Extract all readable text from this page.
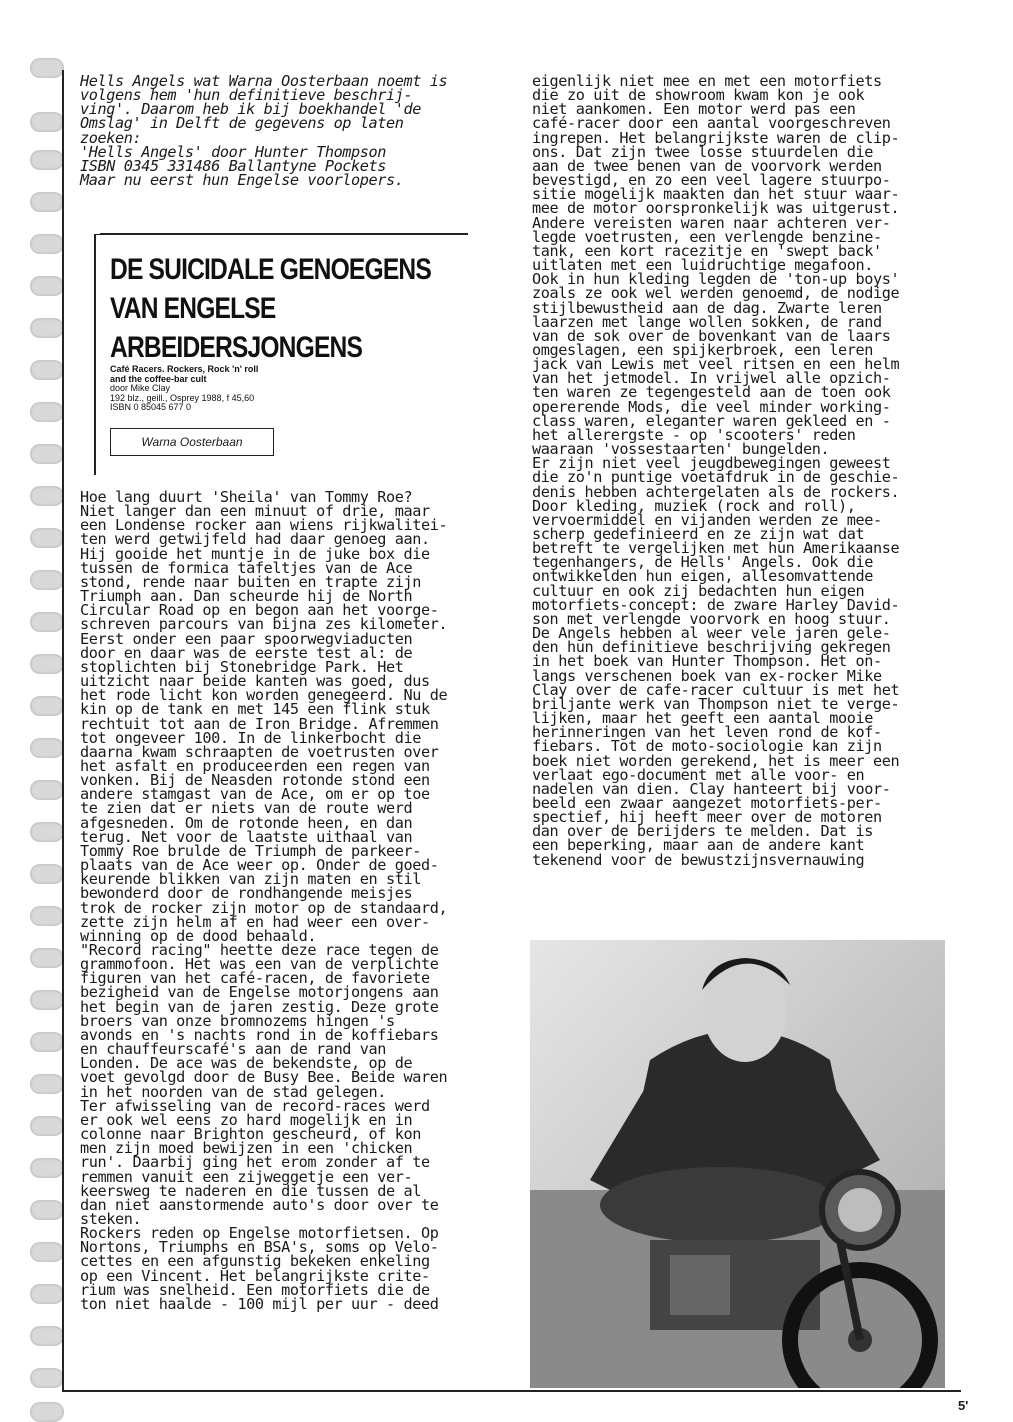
Hells Angels wat Warna Oosterbaan noemt is

volgens hem 'hun definitieve beschrij-

ving'. Daarom heb ik bij boekhandel 'de

Omslag' in Delft de gegevens op laten

zoeken:

'Hells Angels' door Hunter Thompson

ISBN 0345 331486 Ballantyne Pockets

Maar nu eerst hun Engelse voorlopers.

DE SUICIDALE GENOEGENS
VAN ENGELSE
ARBEIDERSJONGENS
Café Racers. Rockers, Rock 'n' roll
and the coffee-bar cult
door Mike Clay
192 blz., geill., Osprey 1988, f 45,60
ISBN 0 85045 677 0
Warna Oosterbaan

Hoe lang duurt 'Sheila' van Tommy Roe?

Niet langer dan een minuut of drie, maar

een Londense rocker aan wiens rijkwalitei-

ten werd getwijfeld had daar genoeg aan.

Hij gooide het muntje in de juke box die

tussen de formica tafeltjes van de Ace

stond, rende naar buiten en trapte zijn

Triumph aan. Dan scheurde hij de North

Circular Road op en begon aan het voorge-

schreven parcours van bijna zes kilometer.

Eerst onder een paar spoorwegviaducten

door en daar was de eerste test al: de

stoplichten bij Stonebridge Park. Het

uitzicht naar beide kanten was goed, dus

het rode licht kon worden genegeerd. Nu de

kin op de tank en met 145 een flink stuk

rechtuit tot aan de Iron Bridge. Afremmen

tot ongeveer 100. In de linkerbocht die

daarna kwam schraapten de voetrusten over

het asfalt en produceerden een regen van

vonken. Bij de Neasden rotonde stond een

andere stamgast van de Ace, om er op toe

te zien dat er niets van de route werd

afgesneden. Om de rotonde heen, en dan

terug. Net voor de laatste uithaal van

Tommy Roe brulde de Triumph de parkeer-

plaats van de Ace weer op. Onder de goed-

keurende blikken van zijn maten en stil

bewonderd door de rondhangende meisjes

trok de rocker zijn motor op de standaard,

zette zijn helm af en had weer een over-

winning op de dood behaald.

"Record racing" heette deze race tegen de

grammofoon. Het was een van de verplichte

figuren van het café-racen, de favoriete

bezigheid van de Engelse motorjongens aan

het begin van de jaren zestig. Deze grote

broers van onze bromnozems hingen 's

avonds en 's nachts rond in de koffiebars

en chauffeurscafé's aan de rand van

Londen. De ace was de bekendste, op de

voet gevolgd door de Busy Bee. Beide waren

in het noorden van de stad gelegen.

Ter afwisseling van de record-races werd

er ook wel eens zo hard mogelijk en in

colonne naar Brighton gescheurd, of kon

men zijn moed bewijzen in een 'chicken

run'. Daarbij ging het erom zonder af te

remmen vanuit een zijweggetje een ver-

keersweg te naderen en die tussen de al

dan niet aanstormende auto's door over te

steken.

Rockers reden op Engelse motorfietsen. Op

Nortons, Triumphs en BSA's, soms op Velo-

cettes en een afgunstig bekeken enkeling

op een Vincent. Het belangrijkste crite-

rium was snelheid. Een motorfiets die de

ton niet haalde - 100 mijl per uur - deed

eigenlijk niet mee en met een motorfiets

die zo uit de showroom kwam kon je ook

niet aankomen. Een motor werd pas een

café-racer door een aantal voorgeschreven

ingrepen. Het belangrijkste waren de clip-

ons. Dat zijn twee losse stuurdelen die

aan de twee benen van de voorvork werden

bevestigd, en zo een veel lagere stuurpo-

sitie mogelijk maakten dan het stuur waar-

mee de motor oorspronkelijk was uitgerust.

Andere vereisten waren naar achteren ver-

legde voetrusten, een verlengde benzine-

tank, een kort racezitje en 'swept back'

uitlaten met een luidruchtige megafoon.

Ook in hun kleding legden de 'ton-up boys'

zoals ze ook wel werden genoemd, de nodige

stijlbewustheid aan de dag. Zwarte leren

laarzen met lange wollen sokken, de rand

van de sok over de bovenkant van de laars

omgeslagen, een spijkerbroek, een leren

jack van Lewis met veel ritsen en een helm

van het jetmodel. In vrijwel alle opzich-

ten waren ze tegengesteld aan de toen ook

opererende Mods, die veel minder working-

class waren, eleganter waren gekleed en -

het allerergste - op 'scooters' reden

waaraan 'vossestaarten' bungelden.

Er zijn niet veel jeugdbewegingen geweest

die zo'n puntige voetafdruk in de geschie-

denis hebben achtergelaten als de rockers.

Door kleding, muziek (rock and roll),

vervoermiddel en vijanden werden ze mee-

scherp gedefinieerd en ze zijn wat dat

betreft te vergelijken met hun Amerikaanse

tegenhangers, de Hells' Angels. Ook die

ontwikkelden hun eigen, allesomvattende

cultuur en ook zij bedachten hun eigen

motorfiets-concept: de zware Harley David-

son met verlengde voorvork en hoog stuur.

De Angels hebben al weer vele jaren gele-

den hun definitieve beschrijving gekregen

in het boek van Hunter Thompson. Het on-

langs verschenen boek van ex-rocker Mike

Clay over de cafe-racer cultuur is met het

briljante werk van Thompson niet te verge-

lijken, maar het geeft een aantal mooie

herinneringen van het leven rond de kof-

fiebars. Tot de moto-sociologie kan zijn

boek niet worden gerekend, het is meer een

verlaat ego-document met alle voor- en

nadelen van dien. Clay hanteert bij voor-

beeld een zwaar aangezet motorfiets-per-

spectief, hij heeft meer over de motoren

dan over de berijders te melden. Dat is

een beperking, maar aan de andere kant

tekenend voor de bewustzijnsvernauwing

5'
